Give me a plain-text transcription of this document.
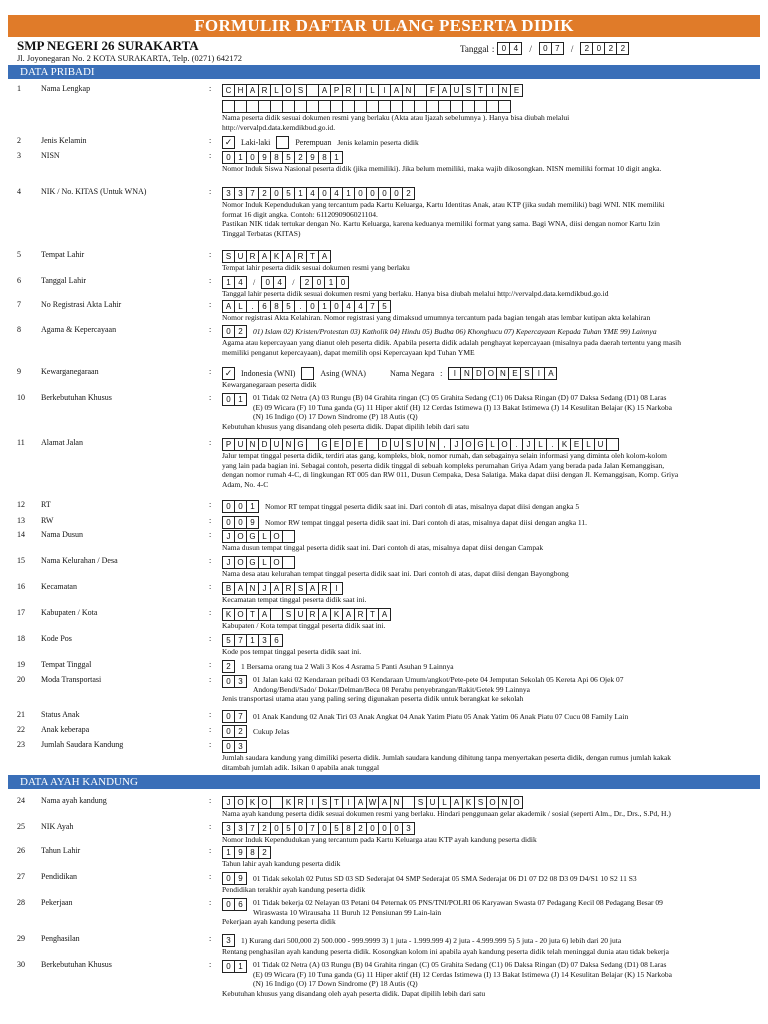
FORMULIR DAFTAR ULANG PESERTA DIDIK
SMP NEGERI 26 SURAKARTA
Jl. Joyonegaran No. 2 KOTA SURAKARTA, Telp. (0271) 642172
Tanggal : 0 4	/	0 7	/	2 0 2 2
DATA PRIBADI
1	Nama Lengkap	:	C H A R L O S	A P R I	L	I	A N	F A U S T	I	N E
Nama peserta didik sesuai dokumen resmi yang berlaku (Akta atau Ijazah sebelumnya ). Hanya bisa diubah melalui
http://vervalpd.data.kemdikbud.go.id.
2	Jenis Kelamin	:	✓	Laki-laki	Perempuan Jenis kelamin peserta didik
3	NISN	:	0 1 0 9 8 5 2 9 8 1
Nomor Induk Siswa Nasional peserta didik (jika memiliki). Jika belum memiliki, maka wajib dikosongkan. NISN memiliki format 10 digit angka.
4	NIK / No. KITAS (Untuk WNA)	:	3 3 7 2 0 5 1 4 0 4 1 0 0 0 0 2
Nomor Induk Kependudukan yang tercantum pada Kartu Keluarga, Kartu Identitas Anak, atau KTP (jika sudah memiliki) bagi WNI. NIK memiliki
format 16 digit angka. Contoh: 6112090906021104.
Pastikan NIK tidak tertukar dengan No. Kartu Keluarga, karena keduanya memiliki format yang sama. Bagi WNA, diisi dengan nomor Kartu Izin
Tinggal Terbatas (KITAS)
5	Tempat Lahir	:	S U R A K A R T A
Tempat lahir peserta didik sesuai dokumen resmi yang berlaku
6	Tanggal Lahir	:	1 4	/	0 4	/	2 0 1 0
Tanggal lahir peserta didik sesuai dokumen resmi yang berlaku. Hanya bisa diubah melalui http://vervalpd.data.kemdikbud.go.id
7	No Registrasi Akta Lahir	:	A L	.	6 8 5	.	0 1 0 4 4 7 5
Nomor registrasi Akta Kelahiran. Nomor registrasi yang dimaksud umumnya tercantum pada bagian tengah atas lembar kutipan akta kelahiran
8	Agama & Kepercayaan	:	0 2	01) Islam 02) Kristen/Protestan 03) Katholik 04) Hindu 05) Budha 06) Khonghucu 07) Kepercayaan Kepada Tuhan YME 99) Lainnya
Agama atau kepercayaan yang dianut oleh peserta didik. Apabila peserta didik adalah penghayat kepercayaan (misalnya pada daerah tertentu yang masih
memiliki penganut kepercayaan), dapat memilih opsi Kepercayaan kpd Tuhan YME
9	Kewarganegaraan	:	✓	Indonesia (WNI)	Asing (WNA)	Nama Negara :	I	N D O N E S	I	A
Kewarganegaraan peserta didik
10 Berkebutuhan Khusus	:	0 1	01 Tidak 02 Netra (A) 03 Rungu (B) 04 Grahita ringan (C) 05 Grahita Sedang (C1) 06 Daksa Ringan (D) 07 Daksa Sedang (D1) 08 Laras
(E) 09 Wicara (F) 10 Tuna ganda (G) 11 Hiper aktif (H) 12 Cerdas Istimewa (I) 13 Bakat Istimewa (J) 14 Kesulitan Belajar (K) 15 Narkoba
(N) 16 Indigo (O) 17 Down Sindrome (P) 18 Autis (Q)
Kebutuhan khusus yang disandang oleh peserta didik. Dapat dipilih lebih dari satu
11 Alamat Jalan	:	P U N D U N G	G E D E	D U S U N ,	J O G L O .	J L	.	K E L U
Jalur tempat tinggal peserta didik, terdiri atas gang, kompleks, blok, nomor rumah, dan sebagainya selain informasi yang diminta oleh kolom-kolom
yang lain pada bagian ini. Sebagai contoh, peserta didik tinggal di sebuah kompleks perumahan Griya Adam yang berada pada Jalan Kemanggisan,
dengan nomor rumah 4-C, di lingkungan RT 005 dan RW 011, Dusun Cempaka, Desa Salatiga. Maka dapat diisi dengan Jl. Kemanggisan, Komp. Griya
Adam, No. 4-C
12 RT	:	0 0 1	Nomor RT tempat tinggal peserta didik saat ini. Dari contoh di atas, misalnya dapat diisi dengan angka 5
13 RW	:	0 0 9	Nomor RW tempat tinggal peserta didik saat ini. Dari contoh di atas, misalnya dapat diisi dengan angka 11.
14 Nama Dusun	:	J O G L O
Nama dusun tempat tinggal peserta didik saat ini. Dari contoh di atas, misalnya dapat diisi dengan Campak
15 Nama Kelurahan / Desa	:	J O G L O
Nama desa atau kelurahan tempat tinggal peserta didik saat ini. Dari contoh di atas, dapat diisi dengan Bayongbong
16 Kecamatan	:	B A N J A R S A R I
Kecamatan tempat tinggal peserta didik saat ini.
17 Kabupaten / Kota	:	K O T A	S U R A K A R T A
Kabupaten / Kota tempat tinggal peserta didik saat ini.
18 Kode Pos	:	5 7 1 3 6
Kode pos tempat tinggal peserta didik saat ini.
19 Tempat Tinggal	:	2	1 Bersama orang tua 2 Wali 3 Kos 4 Asrama 5 Panti Asuhan 9 Lainnya
20 Moda Transportasi	:	0 3	01 Jalan kaki 02 Kendaraan pribadi 03 Kendaraan Umum/angkot/Pete-pete 04 Jemputan Sekolah 05 Kereta Api 06 Ojek 07
Andong/Bendi/Sado/ Dokar/Delman/Beca 08 Perahu penyebrangan/Rakit/Getek 99 Lainnya
Jenis transportasi utama atau yang paling sering digunakan peserta didik untuk berangkat ke sekolah
21 Status Anak	:	0 7	01 Anak Kandung 02 Anak Tiri 03 Anak Angkat 04 Anak Yatim Piatu 05 Anak Yatim 06 Anak Piatu 07 Cucu 08 Family Lain
22 Anak keberapa	:	0 2	Cukup Jelas
23 Jumlah Saudara Kandung	:	0 3
Jumlah saudara kandung yang dimiliki peserta didik. Jumlah saudara kandung dihitung tanpa menyertakan peserta didik, dengan rumus jumlah kakak
ditambah jumlah adik. Isikan 0 apabila anak tunggal
24 Nama ayah kandung	:	J O K O	K R I	S T	I	A W A N	S U L A K S O N O
Nama ayah kandung peserta didik sesuai dokumen resmi yang berlaku. Hindari penggunaan gelar akademik / sosial (seperti Alm., Dr., Drs., S.Pd, H.)
25 NIK Ayah	:	3 3 7 2 0 5 0 7 0 5 8 2 0 0 0 3
Nomor Induk Kependudukan yang tercantum pada Kartu Keluarga atau KTP ayah kandung peserta didik
26 Tahun Lahir	:	1 9 8 2
Tahun lahir ayah kandung peserta didik
27 Pendidikan	:	0 9	01 Tidak sekolah 02 Putus SD 03 SD Sederajat 04 SMP Sederajat 05 SMA Sederajat 06 D1 07 D2 08 D3 09 D4/S1 10 S2 11 S3
Pendidikan terakhir ayah kandung peserta didik
28 Pekerjaan	:	0 6	01 Tidak bekerja 02 Nelayan 03 Petani 04 Peternak 05 PNS/TNI/POLRI 06 Karyawan Swasta 07 Pedagang Kecil 08 Pedagang Besar 09
Wiraswasta 10 Wirausaha 11 Buruh 12 Pensiunan 99 Lain-lain
Pekerjaan ayah kandung peserta didik
29 Penghasilan	:	3	1) Kurang dari 500,000 2) 500.000 - 999.9999 3) 1 juta - 1.999.999 4) 2 juta - 4.999.999 5) 5 juta - 20 juta 6) lebih dari 20 juta
Rentang penghasilan ayah kandung peserta didik. Kosongkan kolom ini apabila ayah kandung peserta didik telah meninggal dunia atau tidak bekerja
30 Berkebutuhan Khusus	:	0 1	01 Tidak 02 Netra (A) 03 Rungu (B) 04 Grahita ringan (C) 05 Grahita Sedang (C1) 06 Daksa Ringan (D) 07 Daksa Sedang (D1) 08 Laras
(E) 09 Wicara (F) 10 Tuna ganda (G) 11 Hiper aktif (H) 12 Cerdas Istimewa (I) 13 Bakat Istimewa (J) 14 Kesulitan Belajar (K) 15 Narkoba
(N) 16 Indigo (O) 17 Down Sindrome (P) 18 Autis (Q)
Kebutuhan khusus yang disandang oleh ayah peserta didik. Dapat dipilih lebih dari satu
DATA AYAH KANDUNG
